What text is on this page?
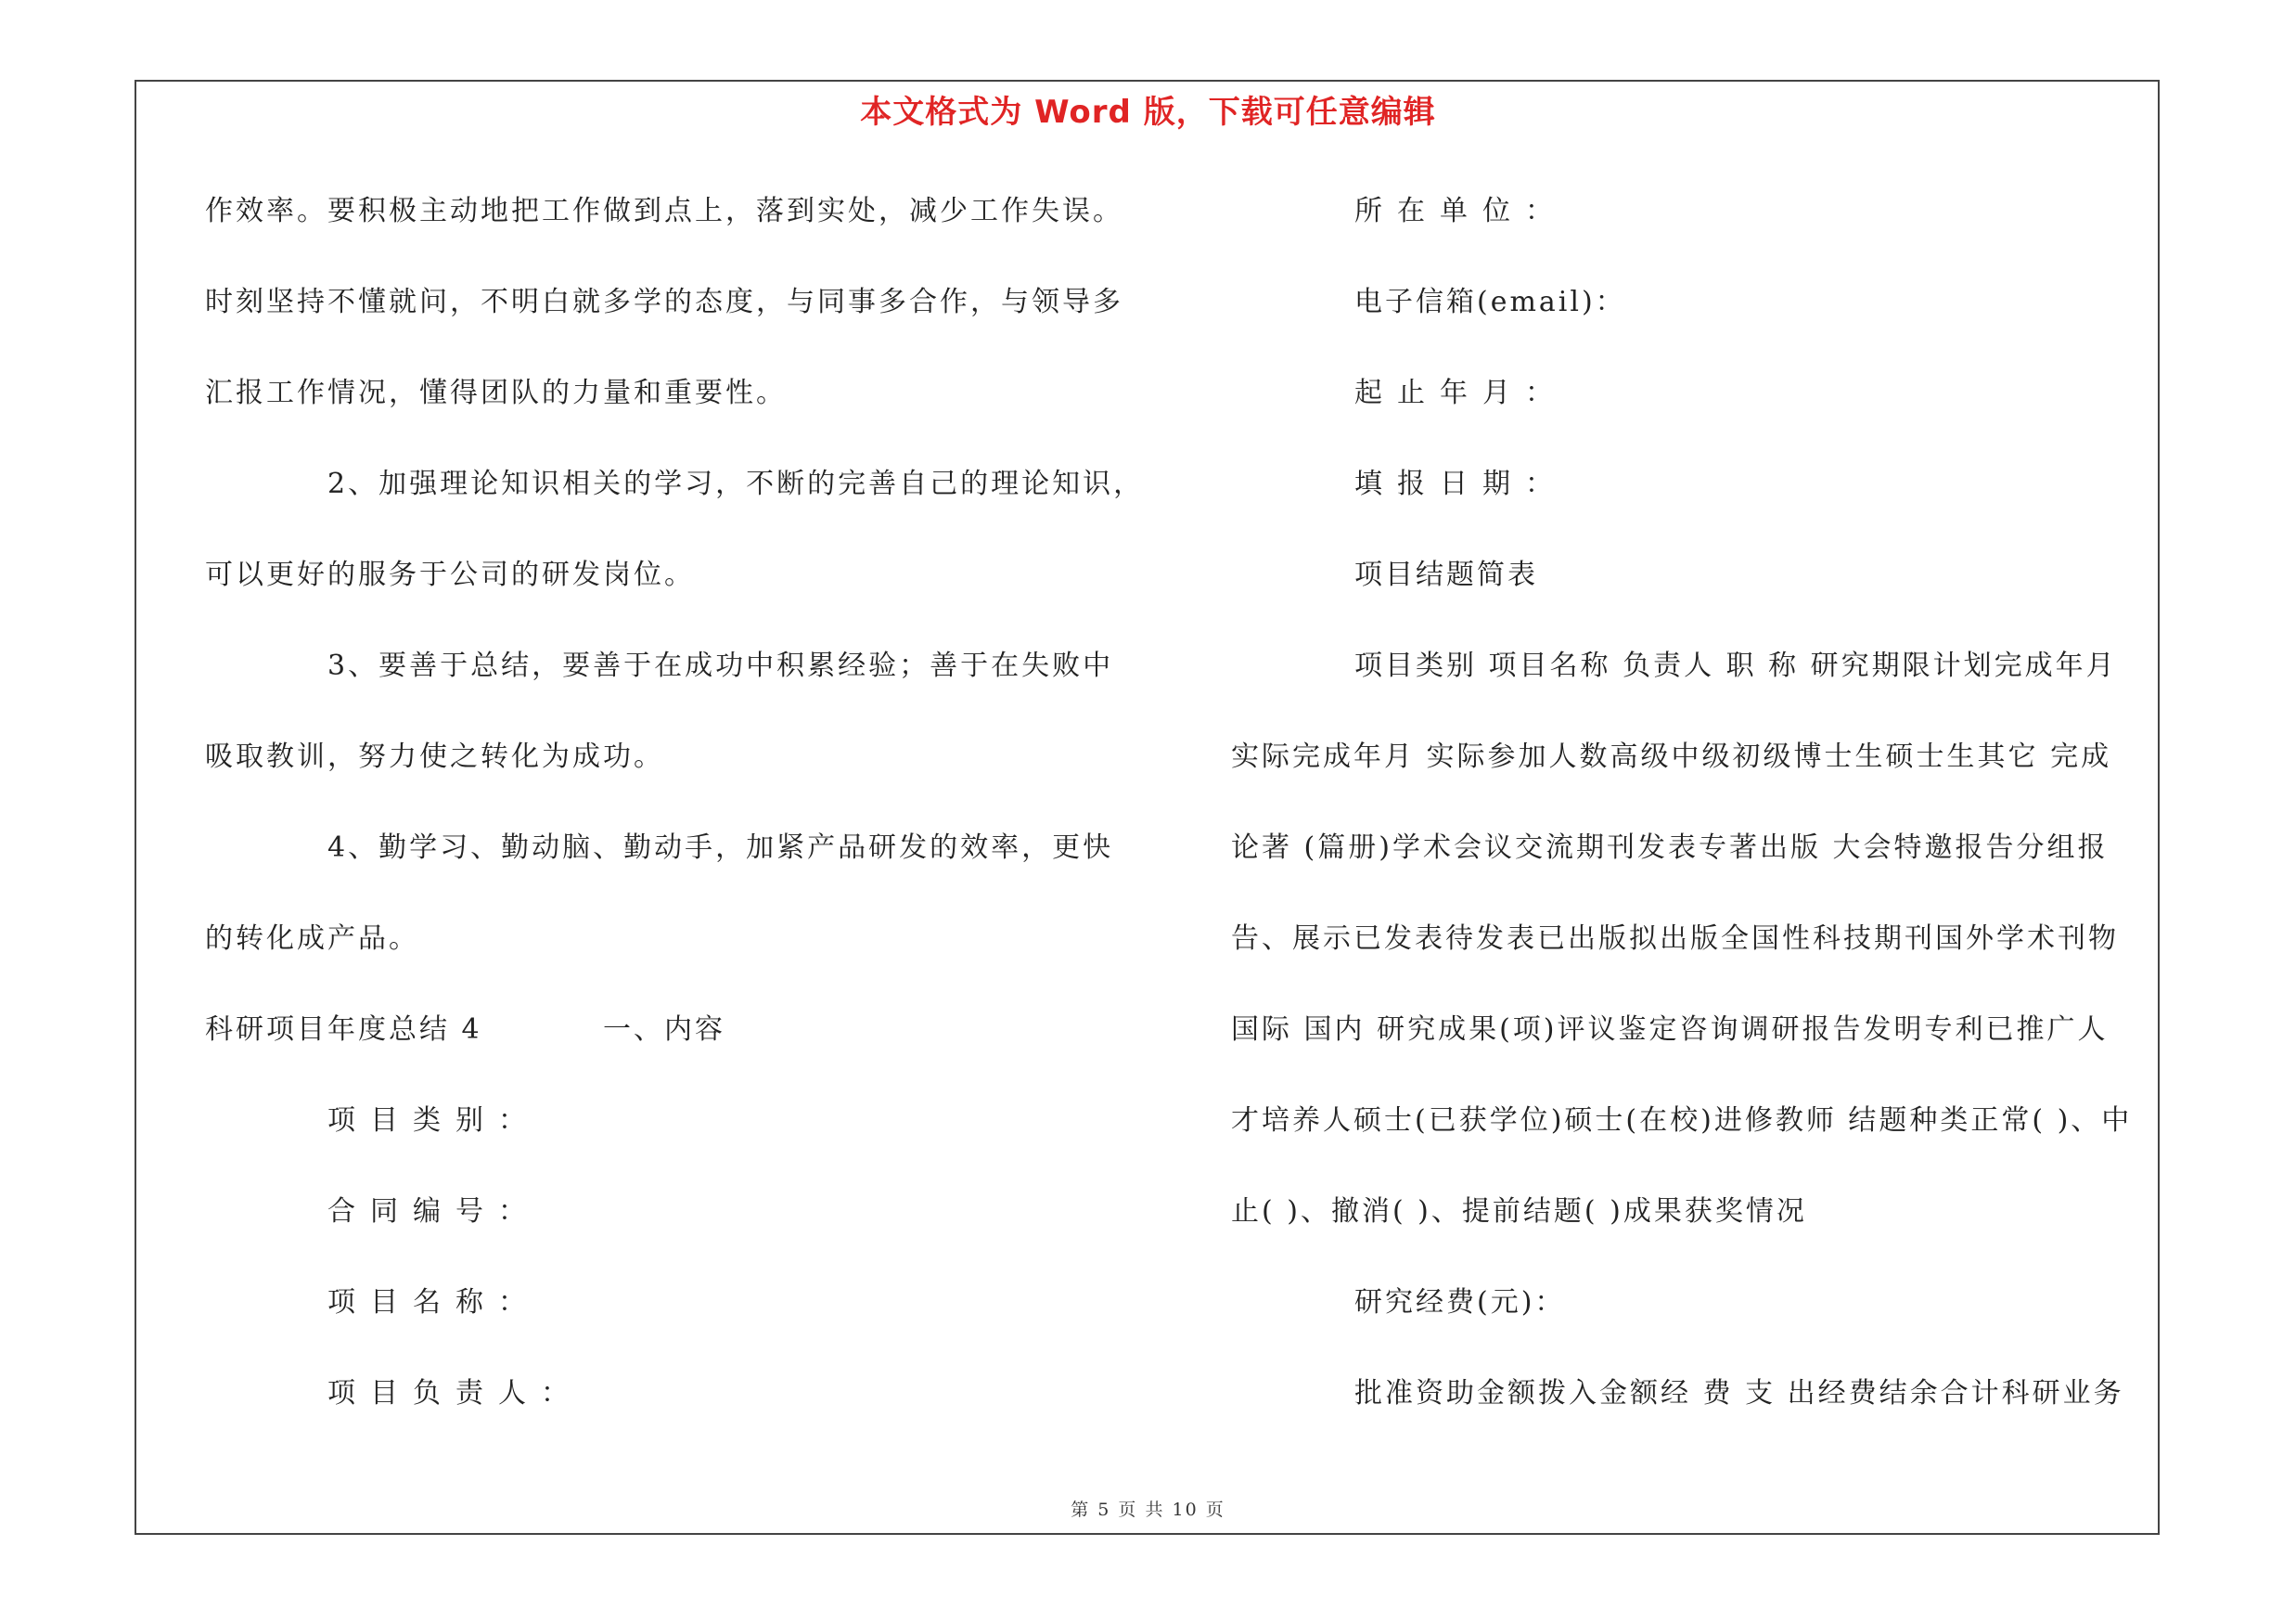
本文格式为 Word 版，下载可任意编辑
作效率。要积极主动地把工作做到点上，落到实处，减少工作失误。
时刻坚持不懂就问，不明白就多学的态度，与同事多合作，与领导多
汇报工作情况，懂得团队的力量和重要性。
2、加强理论知识相关的学习，不断的完善自己的理论知识，
可以更好的服务于公司的研发岗位。
3、要善于总结，要善于在成功中积累经验；善于在失败中
吸取教训，努力使之转化为成功。
4、勤学习、勤动脑、勤动手，加紧产品研发的效率，更快
的转化成产品。
科研项目年度总结 4	一、内容
项目类别：
合同编号：
项目名称：
项目负责人：
所在单位：
电子信箱(email)：
起止年月：
填报日期：
项目结题简表
项目类别 项目名称 负责人 职 称 研究期限计划完成年月
实际完成年月 实际参加人数高级中级初级博士生硕士生其它 完成
论著 (篇册)学术会议交流期刊发表专著出版 大会特邀报告分组报
告、展示已发表待发表已出版拟出版全国性科技期刊国外学术刊物
国际 国内 研究成果(项)评议鉴定咨询调研报告发明专利已推广人
才培养人硕士(已获学位)硕士(在校)进修教师 结题种类正常( )、中
止( )、撤消( )、提前结题( )成果获奖情况
研究经费(元)：
批准资助金额拨入金额经 费 支 出经费结余合计科研业务
第 5 页 共 10 页
